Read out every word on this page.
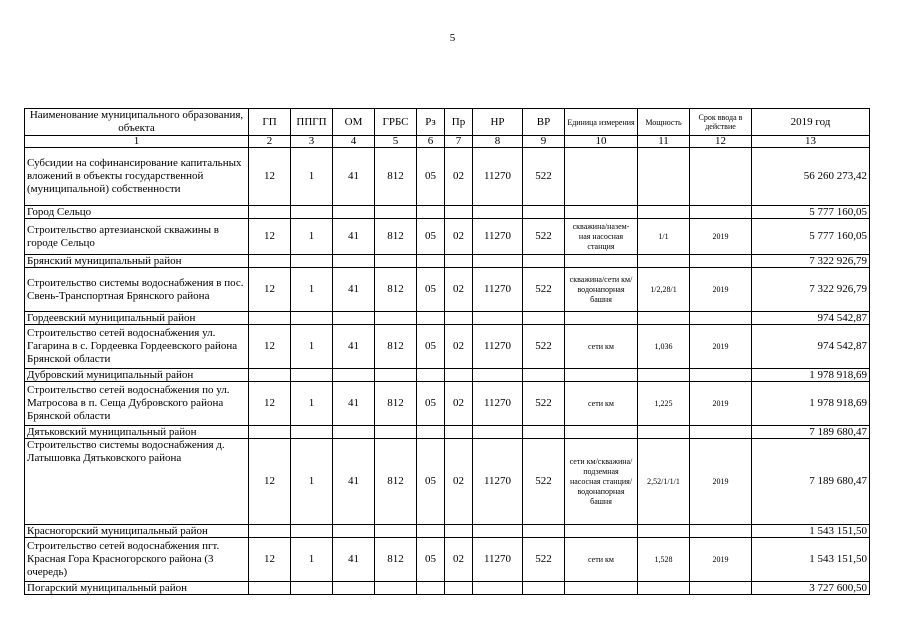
5
Наименование муниципального образования, объекта	ГП	ППГП	ОМ	ГРБС	Рз	Пр	НР	ВР	Единица измерения	Мощность	Срок ввода в действие	2019 год
1	2	3	4	5	6	7	8	9	10	11	12	13
Субсидии на софинансирование капитальных вложений в объекты государственной (муниципальной) собственности	12	1	41	812	05	02	11270	522				56 260 273,42
Город Сельцо												5 777 160,05
Строительство артезианской скважины в городе Сельцо	12	1	41	812	05	02	11270	522	скважина/назем-ная насосная станция	1/1	2019	5 777 160,05
Брянский муниципальный район												7 322 926,79
Строительство системы водоснабжения в пос. Свень-Транспортная Брянского района	12	1	41	812	05	02	11270	522	скважина/сети км/водонапорная башня	1/2,28/1	2019	7 322 926,79
Гордеевский муниципальный район												974 542,87
Строительство сетей водоснабжения ул. Гагарина в с. Гордеевка Гордеевского района Брянской области	12	1	41	812	05	02	11270	522	сети км	1,036	2019	974 542,87
Дубровский муниципальный район												1 978 918,69
Строительство сетей водоснабжения по ул. Матросова в п. Сеща Дубровского района Брянской области	12	1	41	812	05	02	11270	522	сети км	1,225	2019	1 978 918,69
Дятьковский муниципальный район												7 189 680,47
Строительство системы водоснабжения д. Латышовка Дятьковского района	12	1	41	812	05	02	11270	522	сети км/скважина/ подземная насосная станция/ водонапорная башня	2,52/1/1/1	2019	7 189 680,47
Красногорский муниципальный район												1 543 151,50
Строительство сетей водоснабжения пгт. Красная Гора Красногорского района (3 очередь)	12	1	41	812	05	02	11270	522	сети км	1,528	2019	1 543 151,50
Погарский муниципальный район												3 727 600,50
